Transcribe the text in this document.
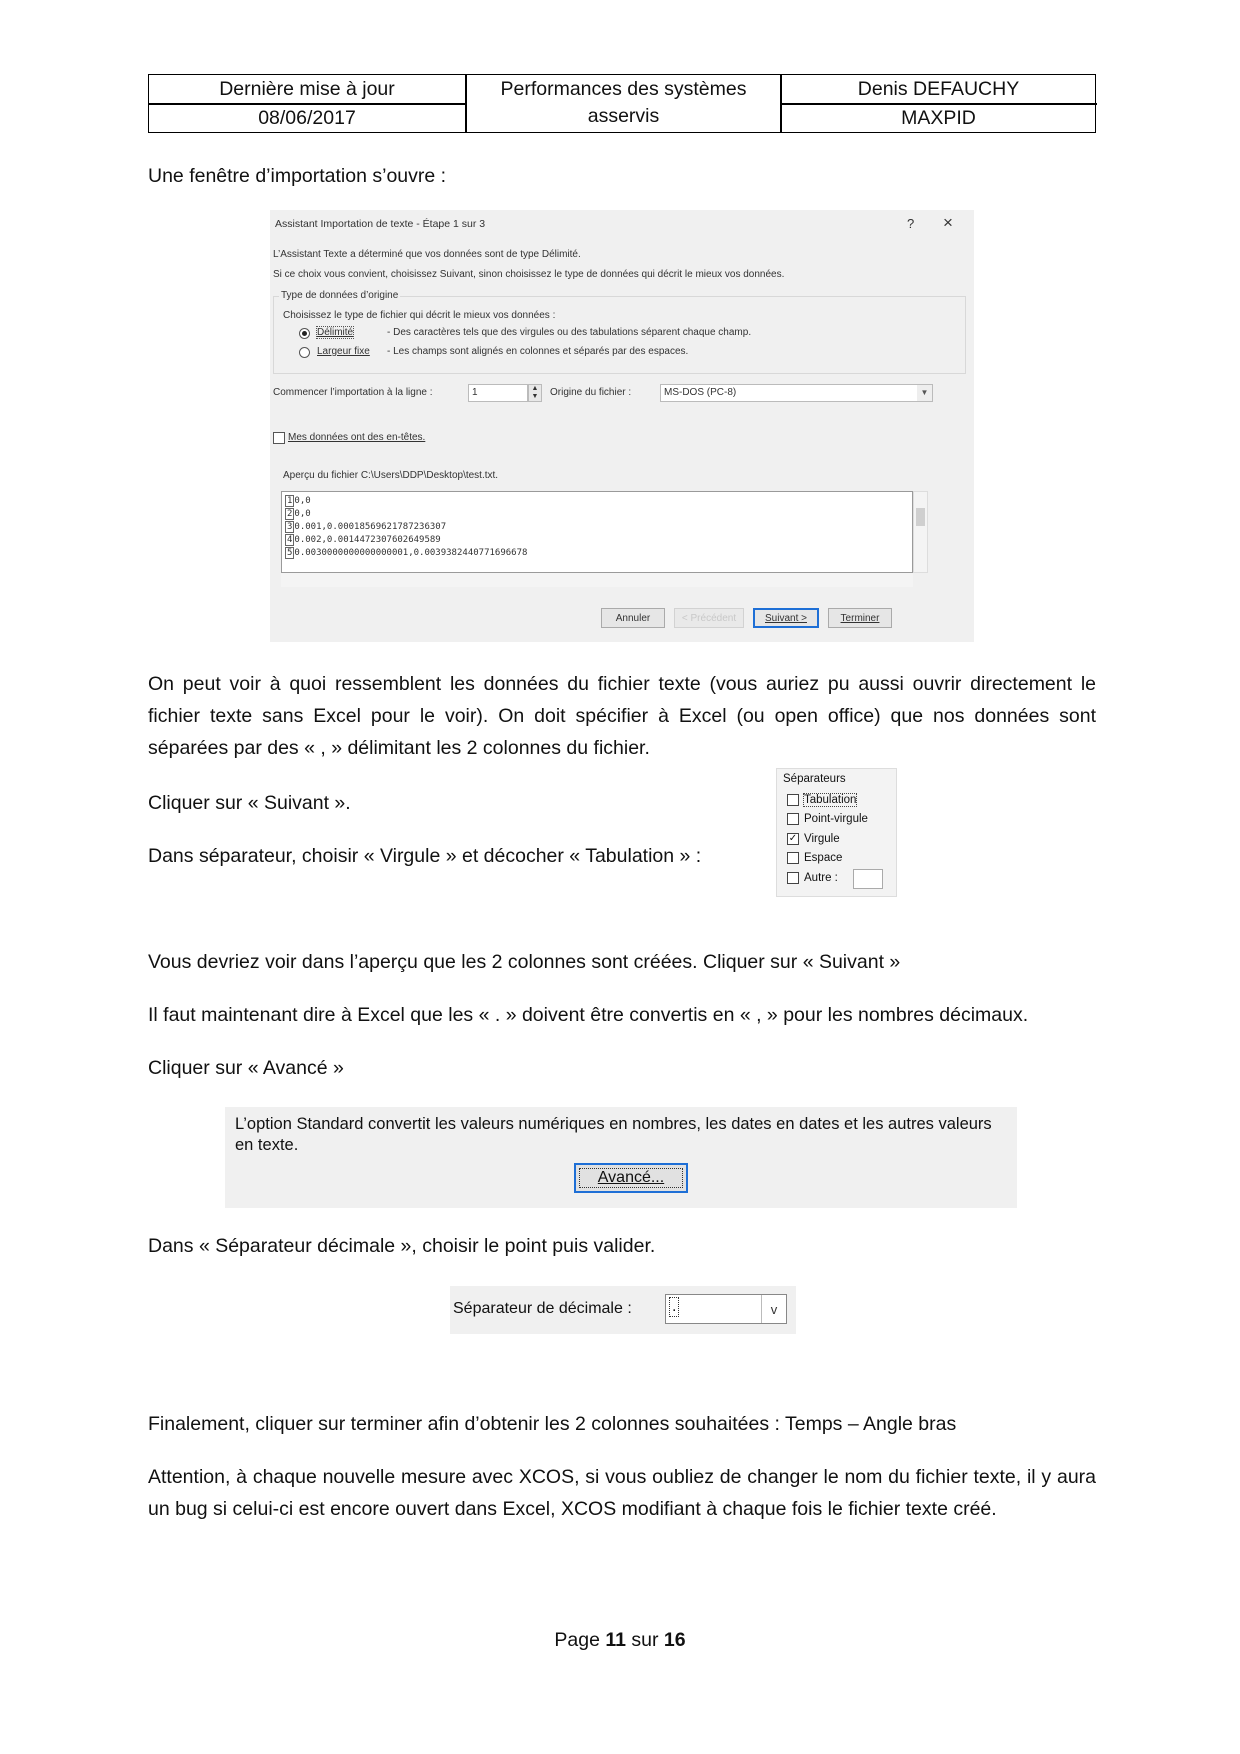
Dernière mise à jour
08/06/2017
Performances des systèmes
asservis
Denis DEFAUCHY
MAXPID
Une fenêtre d’importation s’ouvre :
Assistant Importation de texte - Étape 1 sur 3	? ×
L’Assistant Texte a déterminé que vos données sont de type Délimité.
Si ce choix vous convient, choisissez Suivant, sinon choisissez le type de données qui décrit le mieux vos données.
Type de données d’origine
Choisissez le type de fichier qui décrit le mieux vos données :
Délimité	- Des caractères tels que des virgules ou des tabulations séparent chaque champ.
Largeur fixe - Les champs sont alignés en colonnes et séparés par des espaces.
Commencer l’importation à la ligne :	1	▲
▼	Origine du fichier :	MS-DOS (PC-8)	▼
Mes données ont des en-têtes.
Aperçu du fichier C:\Users\DDP\Desktop\test.txt.
1 0,0
2 0,0
3 0.001,0.00018569621787236307
4 0.002,0.0014472307602649589
5 0.0030000000000000001,0.0039382440771696678
Annuler	< Précédent	Suivant >	Terminer
On peut voir à quoi ressemblent les données du fichier texte (vous auriez pu aussi ouvrir directement le fichier texte sans Excel pour le voir). On doit spécifier à Excel (ou open office) que nos données sont séparées par des « , » délimitant les 2 colonnes du fichier.
Cliquer sur « Suivant ».
Dans séparateur, choisir « Virgule » et décocher « Tabulation » :
Séparateurs
Tabulation
Point-virgule
✓ Virgule
Espace
Autre :
Vous devriez voir dans l’aperçu que les 2 colonnes sont créées. Cliquer sur « Suivant »
Il faut maintenant dire à Excel que les « . » doivent être convertis en « , » pour les nombres décimaux.
Cliquer sur « Avancé »
L’option Standard convertit les valeurs numériques en nombres, les dates en dates et les autres valeurs en texte.
Avancé...
Dans « Séparateur décimale », choisir le point puis valider.
Séparateur de décimale :	.	v
Finalement, cliquer sur terminer afin d’obtenir les 2 colonnes souhaitées : Temps – Angle bras
Attention, à chaque nouvelle mesure avec XCOS, si vous oubliez de changer le nom du fichier texte, il y aura un bug si celui-ci est encore ouvert dans Excel, XCOS modifiant à chaque fois le fichier texte créé.
Page 11 sur 16
